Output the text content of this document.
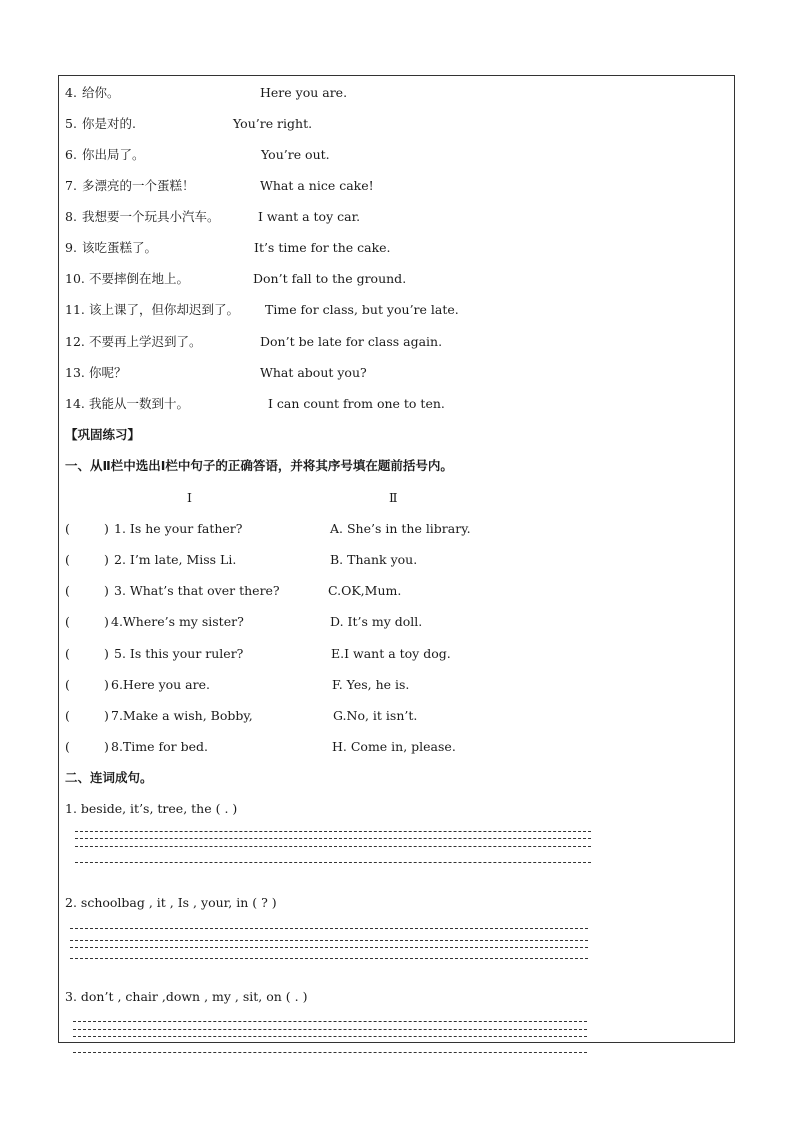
4. 给你。	Here you are.
5. 你是对的.	You’re right.
6. 你出局了。	You’re out.
7. 多漂亮的一个蛋糕！	What a nice cake!
8. 我想要一个玩具小汽车。	I want a toy car.
9. 该吃蛋糕了。	It’s time for the cake.
10. 不要摔倒在地上。	Don’t fall to the ground.
11. 该上课了，但你却迟到了。 Time for class, but you’re late.
12. 不要再上学迟到了。	Don’t be late for class again.
13. 你呢？	What about you?
14. 我能从一数到十。	I can count from one to ten.
【巩固练习】
一、从Ⅱ栏中选出Ⅰ栏中句子的正确答语，并将其序号填在题前括号内。
Ⅰ	Ⅱ
(	) 1. Is he your father?	A. She’s in the library.
(	) 2. I’m late, Miss Li.	B. Thank you.
(	) 3. What’s that over there?	C.OK,Mum.
(	) 4.Where’s my sister?	D. It’s my doll.
(	) 5. Is this your ruler?	E.I want a toy dog.
(	) 6.Here you are.	F. Yes, he is.
(	) 7.Make a wish, Bobby,	G.No, it isn’t.
(	) 8.Time for bed.	H. Come in, please.
二、连词成句。
1. beside, it’s, tree, the ( . )
2. schoolbag , it , Is , your, in ( ? )
3. don’t , chair ,down , my , sit, on ( . )
